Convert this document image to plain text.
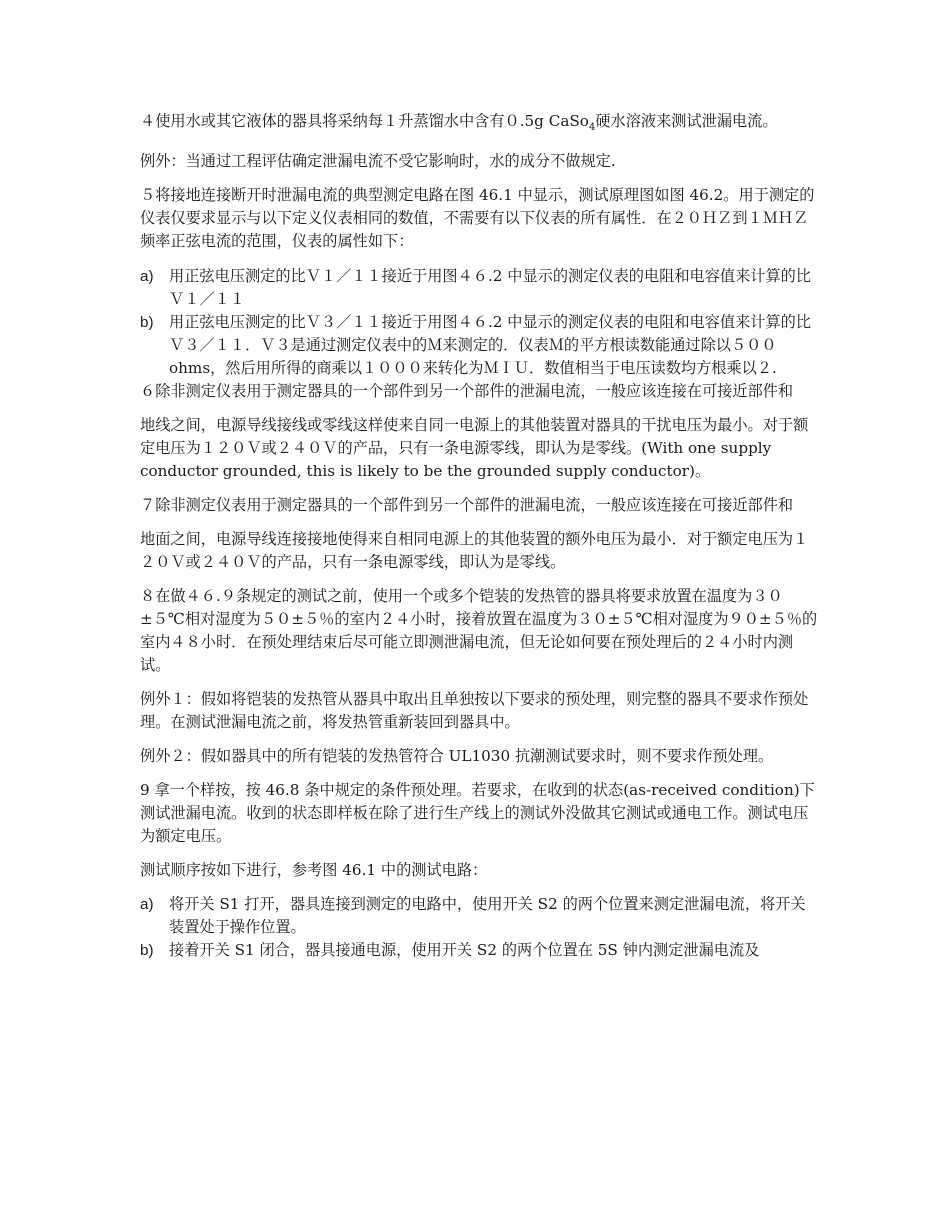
４使用水或其它液体的器具将采纳每１升蒸馏水中含有０.5g CaSo$_4$硬水溶液来测试泄漏电流。

例外：当通过工程评估确定泄漏电流不受它影响时，水的成分不做规定.

５将接地连接断开时泄漏电流的典型测定电路在图 46.1 中显示，测试原理图如图 46.2。用于测定的仪表仅要求显示与以下定义仪表相同的数值，不需要有以下仪表的所有属性．在２０ＨＺ到１ＭＨＺ频率正弦电流的范围，仪表的属性如下：

a) 用正弦电压测定的比Ｖ１／１１接近于用图４６.2 中显示的测定仪表的电阻和电容值来计算的比Ｖ１／１１
b) 用正弦电压测定的比Ｖ３／１１接近于用图４６.2 中显示的测定仪表的电阻和电容值来计算的比Ｖ３／１１．Ｖ３是通过测定仪表中的Ｍ来测定的．仪表Ｍ的平方根读数能通过除以５００ohms，然后用所得的商乘以１０００来转化为ＭＩＵ．数值相当于电压读数均方根乘以２.

６除非测定仪表用于测定器具的一个部件到另一个部件的泄漏电流，一般应该连接在可接近部件和

地线之间，电源导线接线或零线这样使来自同一电源上的其他装置对器具的干扰电压为最小。对于额定电压为１２０Ｖ或２４０Ｖ的产品，只有一条电源零线，即认为是零线。(With one supply conductor grounded, this is likely to be the grounded supply conductor)。

７除非测定仪表用于测定器具的一个部件到另一个部件的泄漏电流，一般应该连接在可接近部件和

地面之间，电源导线连接接地使得来自相同电源上的其他装置的额外电压为最小．对于额定电压为１２０Ｖ或２４０Ｖ的产品，只有一条电源零线，即认为是零线。

８在做４６.９条规定的测试之前，使用一个或多个铠装的发热管的器具将要求放置在温度为３０±５℃相对湿度为５０±５％的室内２４小时，接着放置在温度为３０±５℃相对湿度为９０±５％的室内４８小时．在预处理结束后尽可能立即测泄漏电流，但无论如何要在预处理后的２４小时内测试。

例外１：假如将铠装的发热管从器具中取出且单独按以下要求的预处理，则完整的器具不要求作预处理。在测试泄漏电流之前，将发热管重新装回到器具中。

例外２：假如器具中的所有铠装的发热管符合 UL1030 抗潮测试要求时，则不要求作预处理。

9 拿一个样按，按 46.8 条中规定的条件预处理。若要求，在收到的状态(as-received condition)下测试泄漏电流。收到的状态即样板在除了进行生产线上的测试外没做其它测试或通电工作。测试电压为额定电压。

测试顺序按如下进行，参考图 46.1 中的测试电路：

a) 将开关 S1 打开，器具连接到测定的电路中，使用开关 S2 的两个位置来测定泄漏电流，将开关装置处于操作位置。
b) 接着开关 S1 闭合，器具接通电源，使用开关 S2 的两个位置在 5S 钟内测定泄漏电流及
